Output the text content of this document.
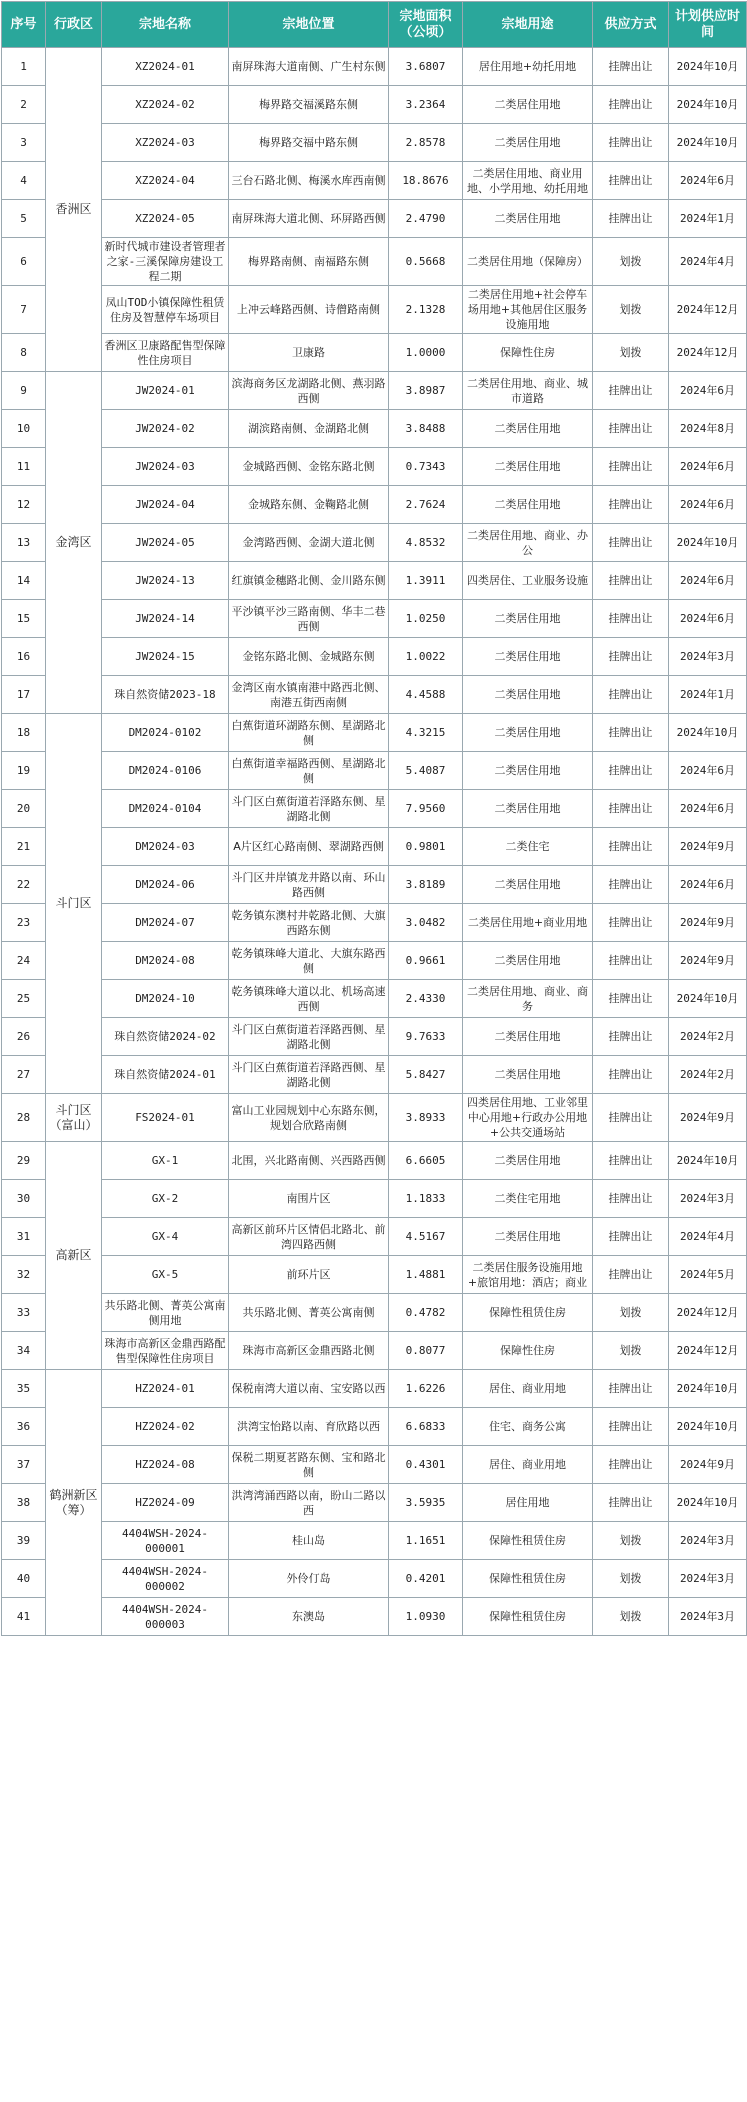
序号	行政区	宗地名称	宗地位置	宗地面积（公顷）	宗地用途	供应方式	计划供应时间
1	香洲区	XZ2024-01	南屏珠海大道南侧、广生村东侧	3.6807	居住用地+幼托用地	挂牌出让	2024年10月
2		XZ2024-02	梅界路交福溪路东侧	3.2364	二类居住用地	挂牌出让	2024年10月
3		XZ2024-03	梅界路交福中路东侧	2.8578	二类居住用地	挂牌出让	2024年10月
4		XZ2024-04	三台石路北侧、梅溪水库西南侧	18.8676	二类居住用地、商业用地、小学用地、幼托用地	挂牌出让	2024年6月
5		XZ2024-05	南屏珠海大道北侧、环屏路西侧	2.4790	二类居住用地	挂牌出让	2024年1月
6		新时代城市建设者管理者之家-三溪保障房建设工程二期	梅界路南侧、南福路东侧	0.5668	二类居住用地（保障房）	划拨	2024年4月
7		凤山TOD小镇保障性租赁住房及智慧停车场项目	上冲云峰路西侧、诗僧路南侧	2.1328	二类居住用地+社会停车场用地+其他居住区服务设施用地	划拨	2024年12月
8		香洲区卫康路配售型保障性住房项目	卫康路	1.0000	保障性住房	划拨	2024年12月
9	金湾区	JW2024-01	滨海商务区龙湖路北侧、燕羽路西侧	3.8987	二类居住用地、商业、城市道路	挂牌出让	2024年6月
10		JW2024-02	湖滨路南侧、金湖路北侧	3.8488	二类居住用地	挂牌出让	2024年8月
11		JW2024-03	金城路西侧、金铭东路北侧	0.7343	二类居住用地	挂牌出让	2024年6月
12		JW2024-04	金城路东侧、金鞠路北侧	2.7624	二类居住用地	挂牌出让	2024年6月
13		JW2024-05	金湾路西侧、金湖大道北侧	4.8532	二类居住用地、商业、办公	挂牌出让	2024年10月
14		JW2024-13	红旗镇金穗路北侧、金川路东侧	1.3911	四类居住、工业服务设施	挂牌出让	2024年6月
15		JW2024-14	平沙镇平沙三路南侧、华丰二巷西侧	1.0250	二类居住用地	挂牌出让	2024年6月
16		JW2024-15	金铭东路北侧、金城路东侧	1.0022	二类居住用地	挂牌出让	2024年3月
17		珠自然资储2023-18	金湾区南水镇南港中路西北侧、南港五街西南侧	4.4588	二类居住用地	挂牌出让	2024年1月
18	斗门区	DM2024-0102	白蕉街道环湖路东侧、星湖路北侧	4.3215	二类居住用地	挂牌出让	2024年10月
19		DM2024-0106	白蕉街道幸福路西侧、星湖路北侧	5.4087	二类居住用地	挂牌出让	2024年6月
20		DM2024-0104	斗门区白蕉街道若泽路东侧、星湖路北侧	7.9560	二类居住用地	挂牌出让	2024年6月
21		DM2024-03	A片区红心路南侧、翠湖路西侧	0.9801	二类住宅	挂牌出让	2024年9月
22		DM2024-06	斗门区井岸镇龙井路以南、环山路西侧	3.8189	二类居住用地	挂牌出让	2024年6月
23		DM2024-07	乾务镇东澳村井乾路北侧、大旗西路东侧	3.0482	二类居住用地+商业用地	挂牌出让	2024年9月
24		DM2024-08	乾务镇珠峰大道北、大旗东路西侧	0.9661	二类居住用地	挂牌出让	2024年9月
25		DM2024-10	乾务镇珠峰大道以北、机场高速西侧	2.4330	二类居住用地、商业、商务	挂牌出让	2024年10月
26		珠自然资储2024-02	斗门区白蕉街道若泽路西侧、星湖路北侧	9.7633	二类居住用地	挂牌出让	2024年2月
27		珠自然资储2024-01	斗门区白蕉街道若泽路西侧、星湖路北侧	5.8427	二类居住用地	挂牌出让	2024年2月
28	斗门区（富山）	FS2024-01	富山工业园规划中心东路东侧，规划合欣路南侧	3.8933	四类居住用地、工业邻里中心用地+行政办公用地+公共交通场站	挂牌出让	2024年9月
29	高新区	GX-1	北围，兴北路南侧、兴西路西侧	6.6605	二类居住用地	挂牌出让	2024年10月
30		GX-2	南围片区	1.1833	二类住宅用地	挂牌出让	2024年3月
31		GX-4	高新区前环片区情侣北路北、前湾四路西侧	4.5167	二类居住用地	挂牌出让	2024年4月
32		GX-5	前环片区	1.4881	二类居住服务设施用地+旅馆用地：酒店；商业	挂牌出让	2024年5月
33		共乐路北侧、菁英公寓南侧用地	共乐路北侧、菁英公寓南侧	0.4782	保障性租赁住房	划拨	2024年12月
34		珠海市高新区金鼎西路配售型保障性住房项目	珠海市高新区金鼎西路北侧	0.8077	保障性住房	划拨	2024年12月
35	鹤洲新区（筹）	HZ2024-01	保税南湾大道以南、宝安路以西	1.6226	居住、商业用地	挂牌出让	2024年10月
36		HZ2024-02	洪湾宝怡路以南、育欣路以西	6.6833	住宅、商务公寓	挂牌出让	2024年10月
37		HZ2024-08	保税二期夏茗路东侧、宝和路北侧	0.4301	居住、商业用地	挂牌出让	2024年9月
38		HZ2024-09	洪湾湾涌西路以南，盼山二路以西	3.5935	居住用地	挂牌出让	2024年10月
39		4404WSH-2024-000001	桂山岛	1.1651	保障性租赁住房	划拨	2024年3月
40		4404WSH-2024-000002	外伶仃岛	0.4201	保障性租赁住房	划拨	2024年3月
41		4404WSH-2024-000003	东澳岛	1.0930	保障性租赁住房	划拨	2024年3月
